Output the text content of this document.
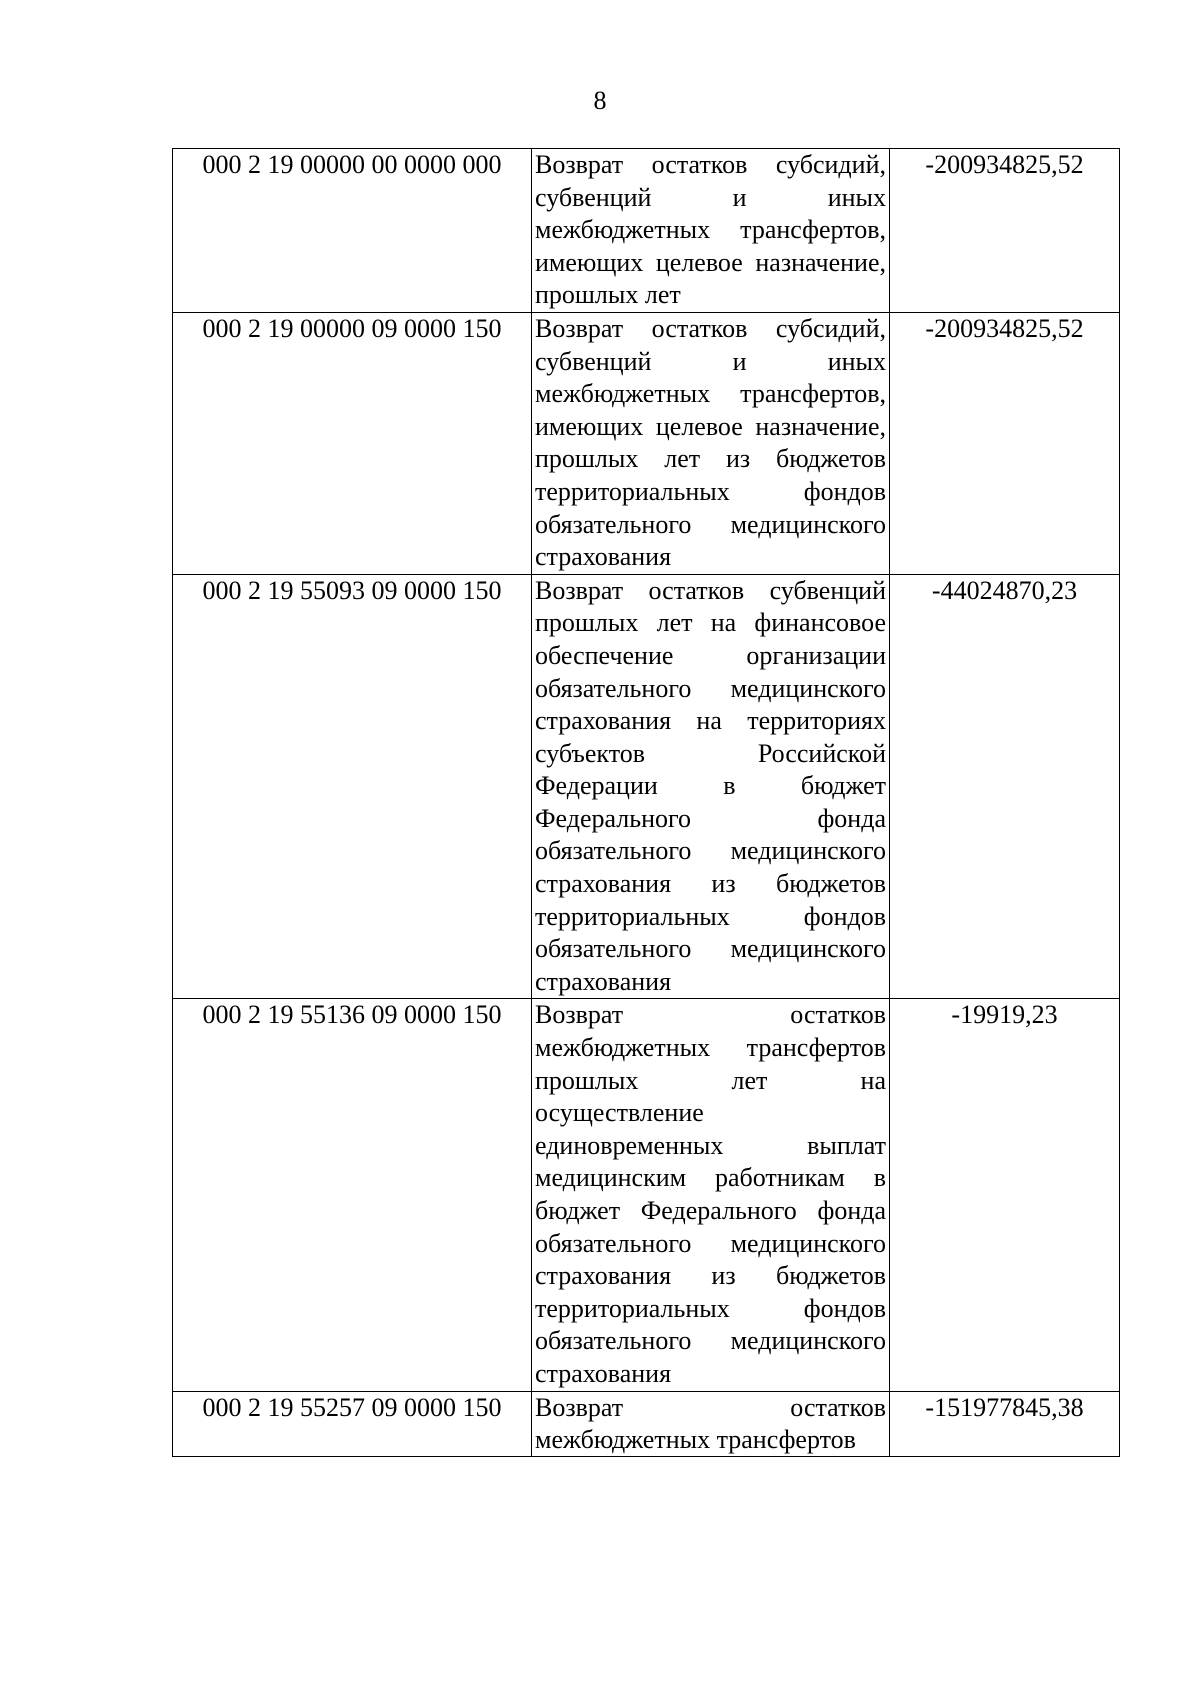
8
000 2 19 00000 00 0000 000	Возврат остатков субсидий, субвенций и иных межбюджетных трансфертов, имеющих целевое назначение, прошлых лет	-200934825,52
000 2 19 00000 09 0000 150	Возврат остатков субсидий, субвенций и иных межбюджетных трансфертов, имеющих целевое назначение, прошлых лет из бюджетов территориальных фондов обязательного медицинского страхования	-200934825,52
000 2 19 55093 09 0000 150	Возврат остатков субвенций прошлых лет на финансовое обеспечение организации обязательного медицинского страхования на территориях субъектов Российской Федерации в бюджет Федерального фонда обязательного медицинского страхования из бюджетов территориальных фондов обязательного медицинского страхования	-44024870,23
000 2 19 55136 09 0000 150	Возврат остатков межбюджетных трансфертов прошлых лет на осуществление единовременных выплат медицинским работникам в бюджет Федерального фонда обязательного медицинского страхования из бюджетов территориальных фондов обязательного медицинского страхования	-19919,23
000 2 19 55257 09 0000 150	Возврат остатков межбюджетных трансфертов	-151977845,38
